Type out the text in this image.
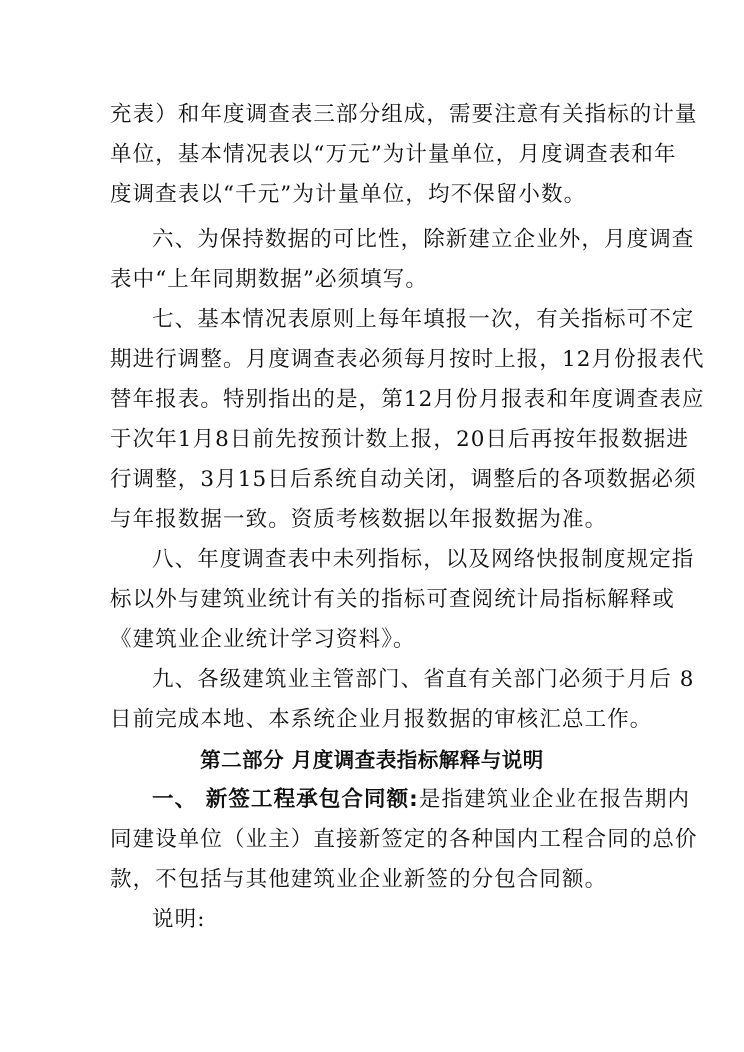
充表）和年度调查表三部分组成，需要注意有关指标的计量
单位，基本情况表以“万元”为计量单位，月度调查表和年
度调查表以“千元”为计量单位，均不保留小数。
六、为保持数据的可比性，除新建立企业外，月度调查
表中“上年同期数据”必须填写。
七、基本情况表原则上每年填报一次，有关指标可不定
期进行调整。月度调查表必须每月按时上报，12月份报表代
替年报表。特别指出的是，第12月份月报表和年度调查表应
于次年1月8日前先按预计数上报，20日后再按年报数据进
行调整，3月15日后系统自动关闭，调整后的各项数据必须
与年报数据一致。资质考核数据以年报数据为准。
八、年度调查表中未列指标，以及网络快报制度规定指
标以外与建筑业统计有关的指标可查阅统计局指标解释或
《建筑业企业统计学习资料》。
九、各级建筑业主管部门、省直有关部门必须于月后 8
日前完成本地、本系统企业月报数据的审核汇总工作。
第二部分 月度调查表指标解释与说明
一、 新签工程承包合同额:是指建筑业企业在报告期内
同建设单位（业主）直接新签定的各种国内工程合同的总价
款，不包括与其他建筑业企业新签的分包合同额。
说明:
